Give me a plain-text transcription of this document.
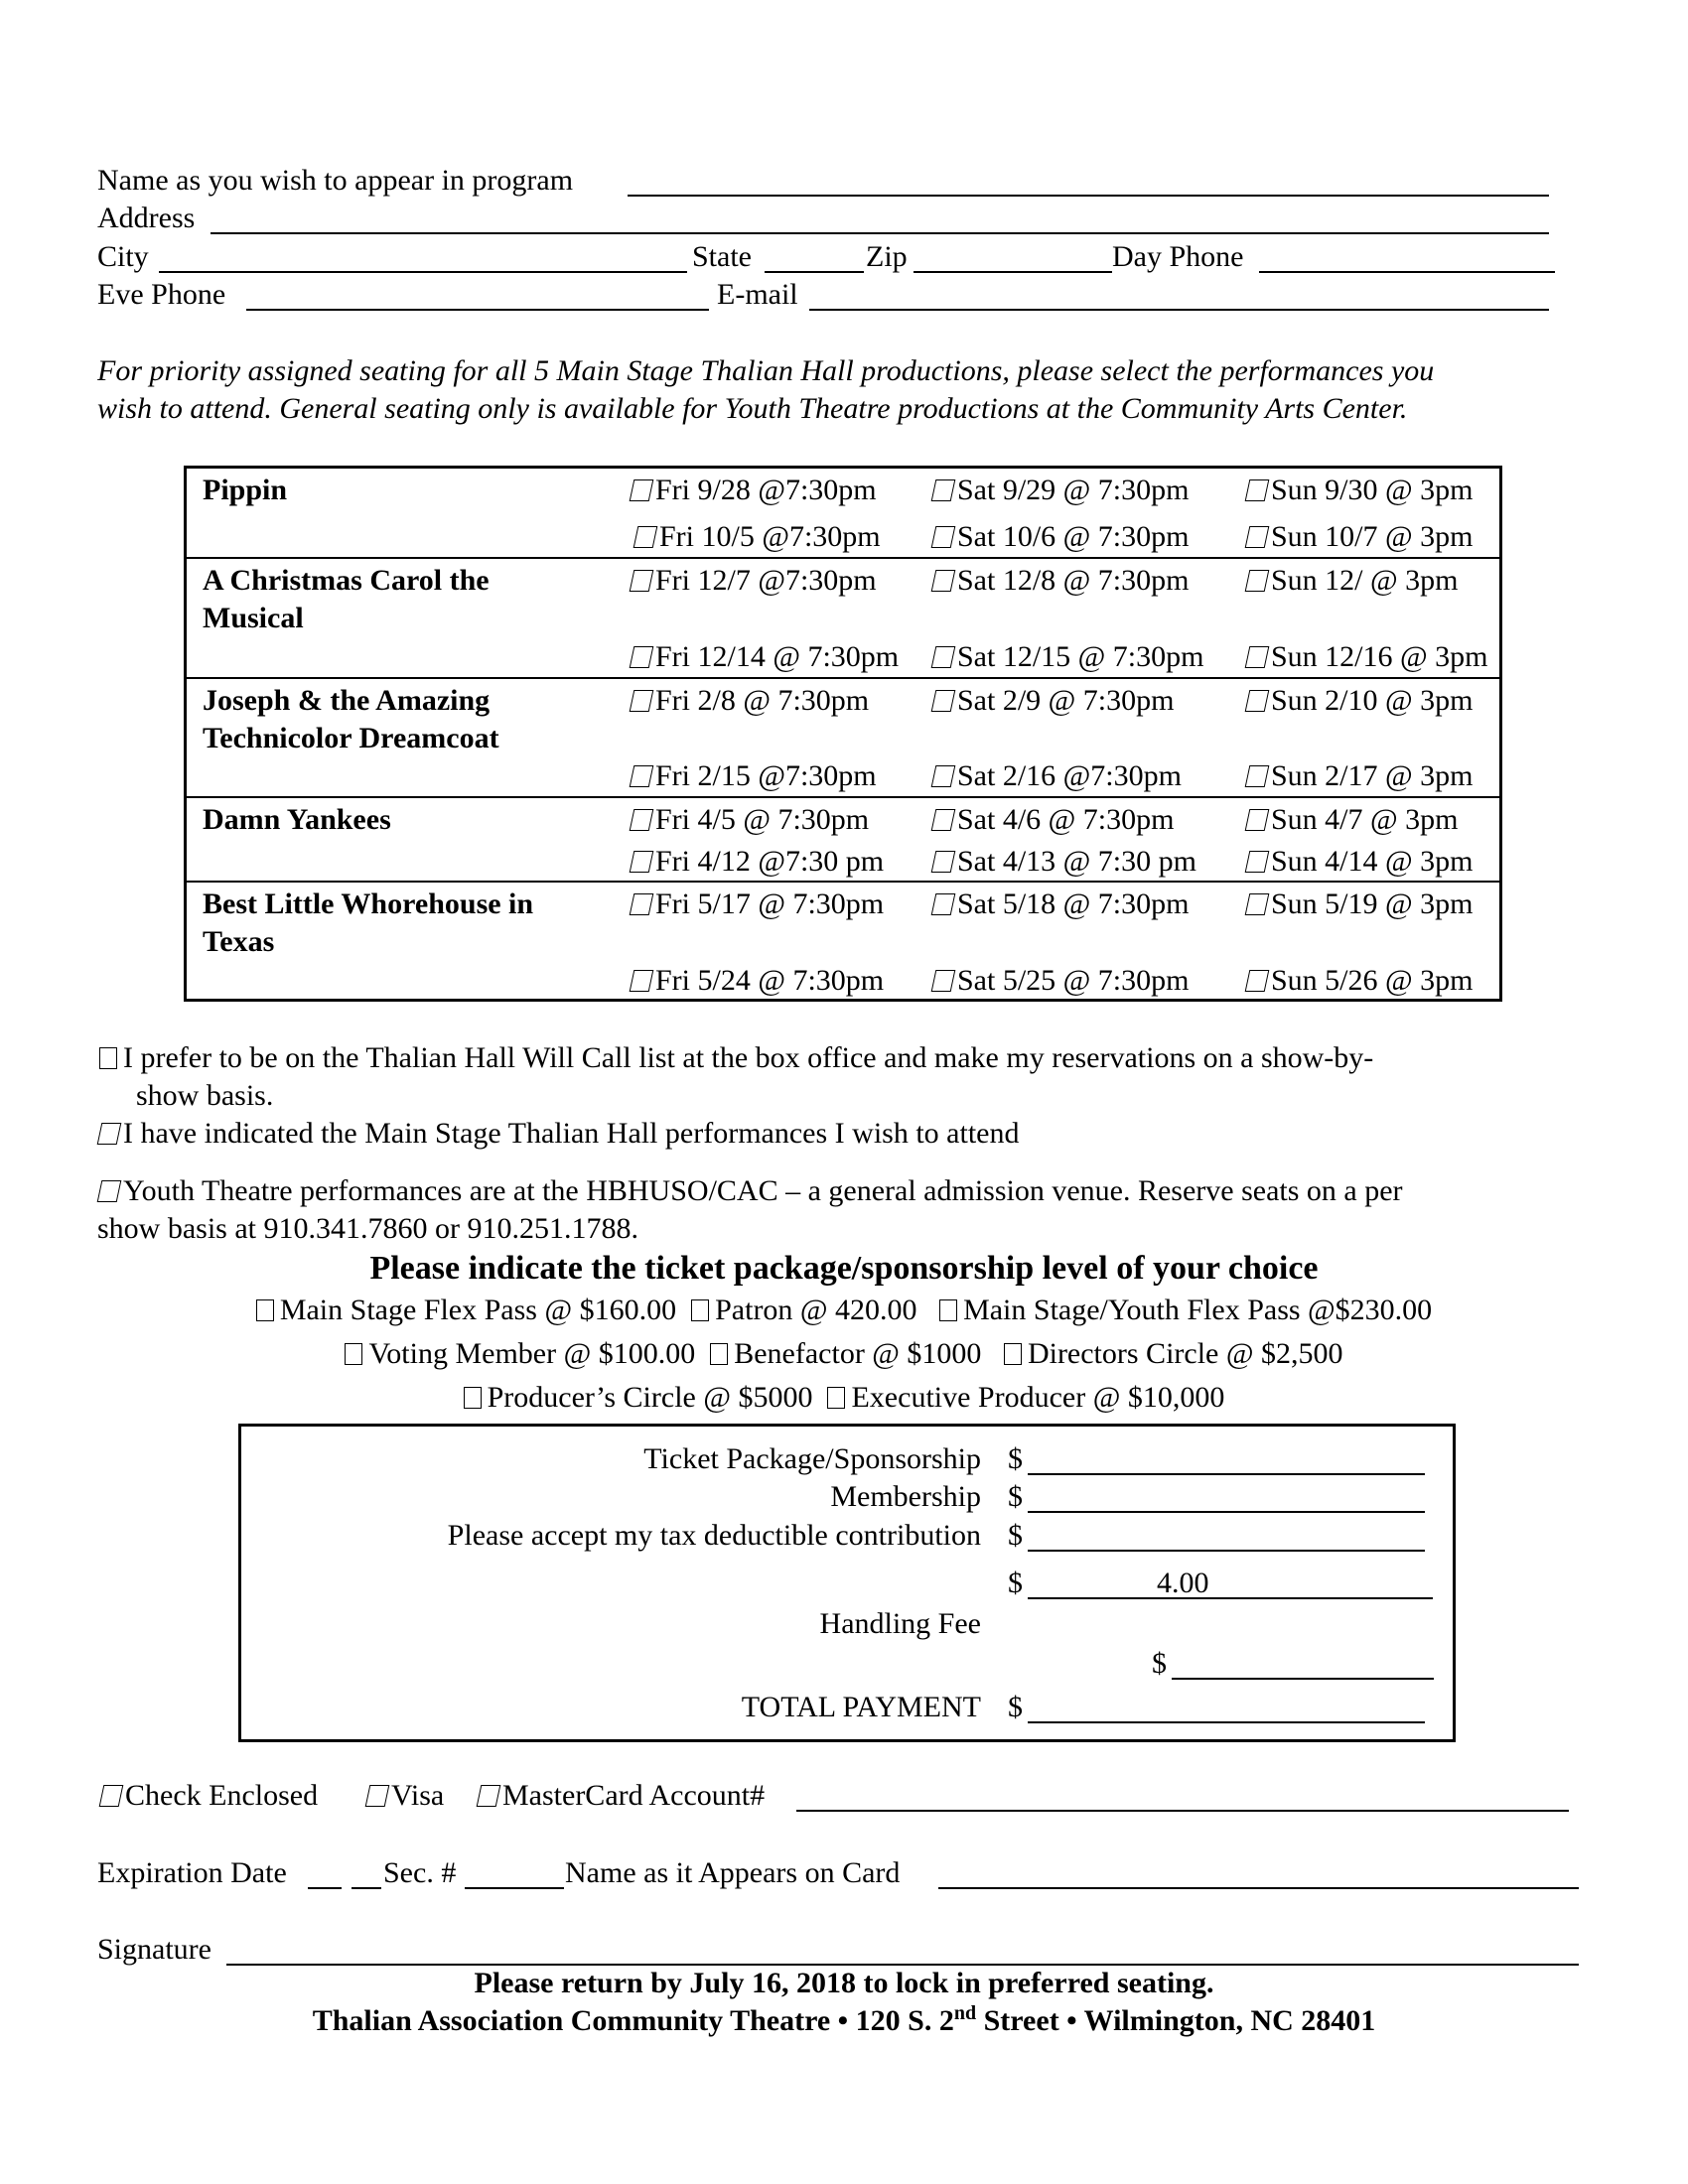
Name as you wish to appear in program
Address
City	State	Zip	Day Phone
Eve Phone	E-mail
For priority assigned seating for all 5 Main Stage Thalian Hall productions, please select the performances you
wish to attend. General seating only is available for Youth Theatre productions at the Community Arts Center.
Pippin	Fri 9/28 @7:30pm	Sat 9/29 @ 7:30pm	Sun 9/30 @ 3pm
Fri 10/5 @7:30pm	Sat 10/6 @ 7:30pm	Sun 10/7 @ 3pm
A Christmas Carol the
Musical
Fri 12/7 @7:30pm	Sat 12/8 @ 7:30pm	Sun 12/ @ 3pm
Fri 12/14 @ 7:30pm	Sat 12/15 @ 7:30pm	Sun 12/16 @ 3pm
Joseph & the Amazing
Technicolor Dreamcoat
Fri 2/8 @ 7:30pm	Sat 2/9 @ 7:30pm	Sun 2/10 @ 3pm
Fri 2/15 @7:30pm	Sat 2/16 @7:30pm	Sun 2/17 @ 3pm
Damn Yankees	Fri 4/5 @ 7:30pm	Sat 4/6 @ 7:30pm	Sun 4/7 @ 3pm
Fri 4/12 @7:30 pm	Sat 4/13 @ 7:30 pm	Sun 4/14 @ 3pm
Best Little Whorehouse in
Texas
Fri 5/17 @ 7:30pm	Sat 5/18 @ 7:30pm	Sun 5/19 @ 3pm
Fri 5/24 @ 7:30pm	Sat 5/25 @ 7:30pm	Sun 5/26 @ 3pm
I prefer to be on the Thalian Hall Will Call list at the box office and make my reservations on a show-by-
show basis.
I have indicated the Main Stage Thalian Hall performances I wish to attend
Youth Theatre performances are at the HBHUSO/CAC – a general admission venue. Reserve seats on a per
show basis at 910.341.7860 or 910.251.1788.
Please indicate the ticket package/sponsorship level of your choice
Main Stage Flex Pass @ $160.00 Patron @ 420.00 Main Stage/Youth Flex Pass @$230.00
Voting Member @ $100.00 Benefactor @ $1000 Directors Circle @ $2,500
Producer’s Circle @ $5000 Executive Producer @ $10,000
Ticket Package/Sponsorship $
Membership $
Please accept my tax deductible contribution $
$	4.00
Handling Fee
$
TOTAL PAYMENT $
Check Enclosed	Visa	MasterCard Account#
Expiration Date	Sec. #	Name as it Appears on Card
Signature
Please return by July 16, 2018 to lock in preferred seating.
Thalian Association Community Theatre • 120 S. 2nd Street • Wilmington, NC 28401
